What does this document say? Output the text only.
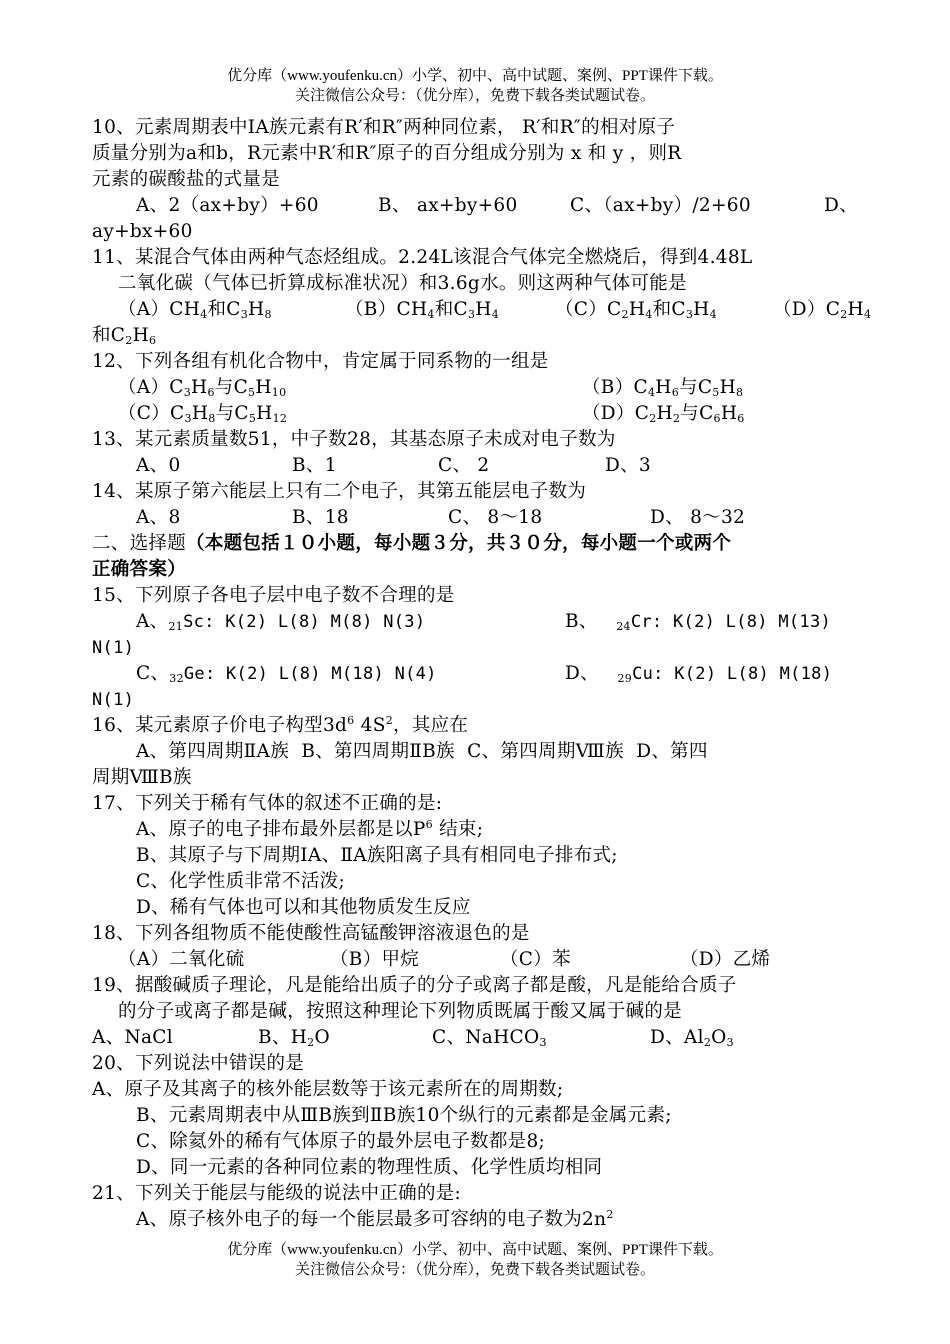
优分库（www.youfenku.cn）小学、初中、高中试题、案例、PPT课件下载。
关注微信公众号：（优分库），免费下载各类试题试卷。
10、元素周期表中ⅠA族元素有R′和R″两种同位素， R′和R″的相对原子
质量分别为a和b，R元素中R′和R″原子的百分组成分别为 x 和 y ，则R
元素的碳酸盐的式量是
A、2（ax+by）+60	B、 ax+by+60	C、（ax+by）/2+60	D、
ay+bx+60
11、某混合气体由两种气态烃组成。2.24L该混合气体完全燃烧后，得到4.48L
二氧化碳（气体已折算成标准状况）和3.6g水。则这两种气体可能是
$(A)CH_4$和$C_3H_8$	$(B)CH_4$和$C_3H_4$	$(C)C_2H_4$和$C_3H_4$	$(D)C_2H_4$
和$C_2H_6$
12、下列各组有机化合物中，肯定属于同系物的一组是
$(A)C_3H_6$与$C_5H_{10}$	$(B)C_4H_6$与$C_5H_8$
$(C)C_3H_8$与$C_5H_{12}$	$(D)C_2H_2$与$C_6H_6$
13、某元素质量数51，中子数28，其基态原子未成对电子数为
A、0	B、1	C、 2	D、3
14、某原子第六能层上只有二个电子，其第五能层电子数为
A、8	B、18	C、 8～18	D、 8～32
二、选择题（本题包括１０小题，每小题３分，共３０分，每小题一个或两个
正确答案）
15、下列原子各电子层中电子数不合理的是
A、$_{21}$Sc: K(2) L(8) M(8) N(3)	B、 $_{24}$Cr: K(2) L(8) M(13)
N(1)
C、$_{32}$Ge: K(2) L(8) M(18) N(4)	D、 $_{29}$Cu: K(2) L(8) M(18)
N(1)
16、某元素原子价电子构型$3d^6$ $4S^2$，其应在
A、第四周期ⅡA族  B、第四周期ⅡB族  C、第四周期Ⅷ族  D、第四
周期ⅧB族
17、下列关于稀有气体的叙述不正确的是:
A、原子的电子排布最外层都是以$P^6$ 结束;
B、其原子与下周期ⅠA、ⅡA族阳离子具有相同电子排布式;
C、化学性质非常不活泼;
D、稀有气体也可以和其他物质发生反应
18、下列各组物质不能使酸性高锰酸钾溶液退色的是
（A）二氧化硫	（B）甲烷	（C）苯	（D）乙烯
19、据酸碱质子理论，凡是能给出质子的分子或离子都是酸，凡是能给合质子
的分子或离子都是碱，按照这种理论下列物质既属于酸又属于碱的是
A、NaCl	B、$H_2O$	C、NaHCO$_3$	D、$Al_2O_3$
20、下列说法中错误的是
A、原子及其离子的核外能层数等于该元素所在的周期数;
B、元素周期表中从ⅢB族到ⅡB族10个纵行的元素都是金属元素;
C、除氦外的稀有气体原子的最外层电子数都是8;
D、同一元素的各种同位素的物理性质、化学性质均相同
21、下列关于能层与能级的说法中正确的是:
A、原子核外电子的每一个能层最多可容纳的电子数为$2n^2$
优分库（www.youfenku.cn）小学、初中、高中试题、案例、PPT课件下载。
关注微信公众号：（优分库），免费下载各类试题试卷。
